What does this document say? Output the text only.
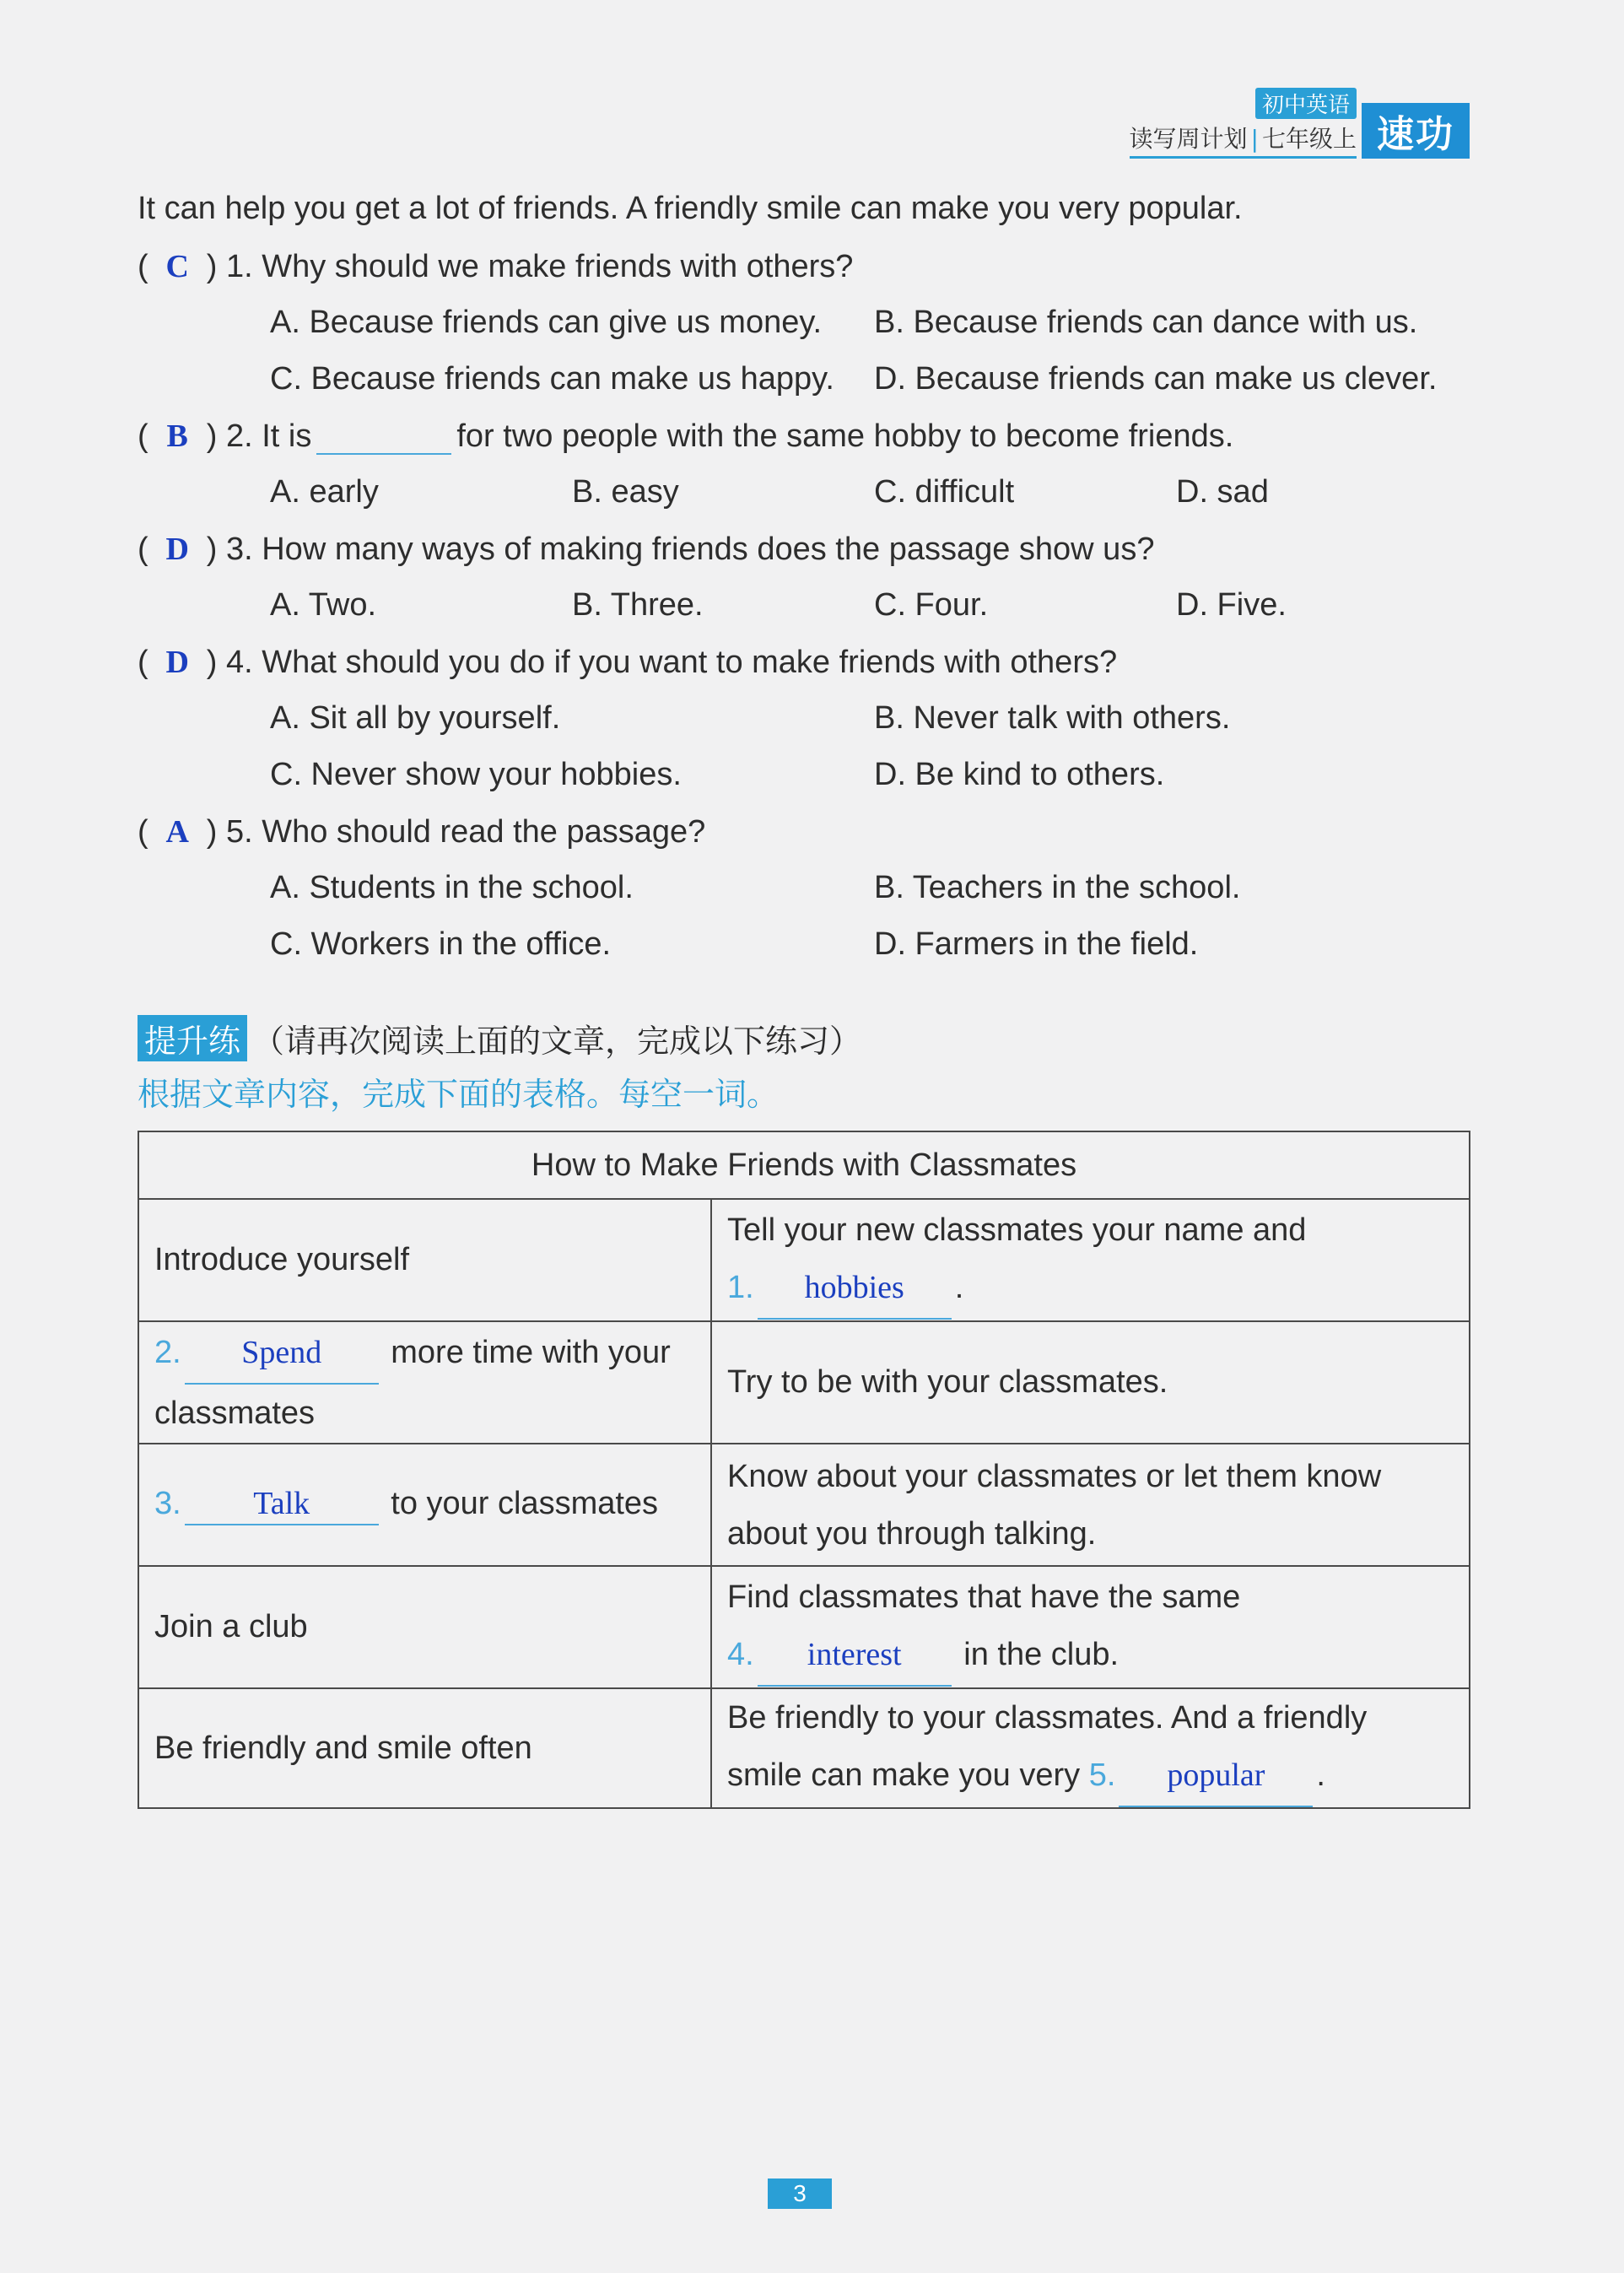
初中英语
读写周计划 | 七年级上 速功
It can help you get a lot of friends. A friendly smile can make you very popular.
( C ) 1. Why should we make friends with others?
A. Because friends can give us money. B. Because friends can dance with us.
C. Because friends can make us happy. D. Because friends can make us clever.
( B ) 2. It is	for two people with the same hobby to become friends.
A. early	B. easy	C. difficult	D. sad
( D ) 3. How many ways of making friends does the passage show us?
A. Two.	B. Three.	C. Four.	D. Five.
( D ) 4. What should you do if you want to make friends with others?
A. Sit all by yourself.	B. Never talk with others.
C. Never show your hobbies.	D. Be kind to others.
( A ) 5. Who should read the passage?
A. Students in the school.	B. Teachers in the school.
C. Workers in the office.	D. Farmers in the field.
提升练 （请再次阅读上面的文章，完成以下练习）
根据文章内容，完成下面的表格。每空一词。
How to Make Friends with Classmates	
Introduce yourself	Tell your new classmates your name and
1. hobbies .
2. Spend more time with your
classmates	Try to be with your classmates.
3. Talk to your classmates	Know about your classmates or let them know
about you through talking.
Join a club	Find classmates that have the same
4. interest in the club.
Be friendly and smile often	Be friendly to your classmates. And a friendly
smile can make you very 5. popular .
3
